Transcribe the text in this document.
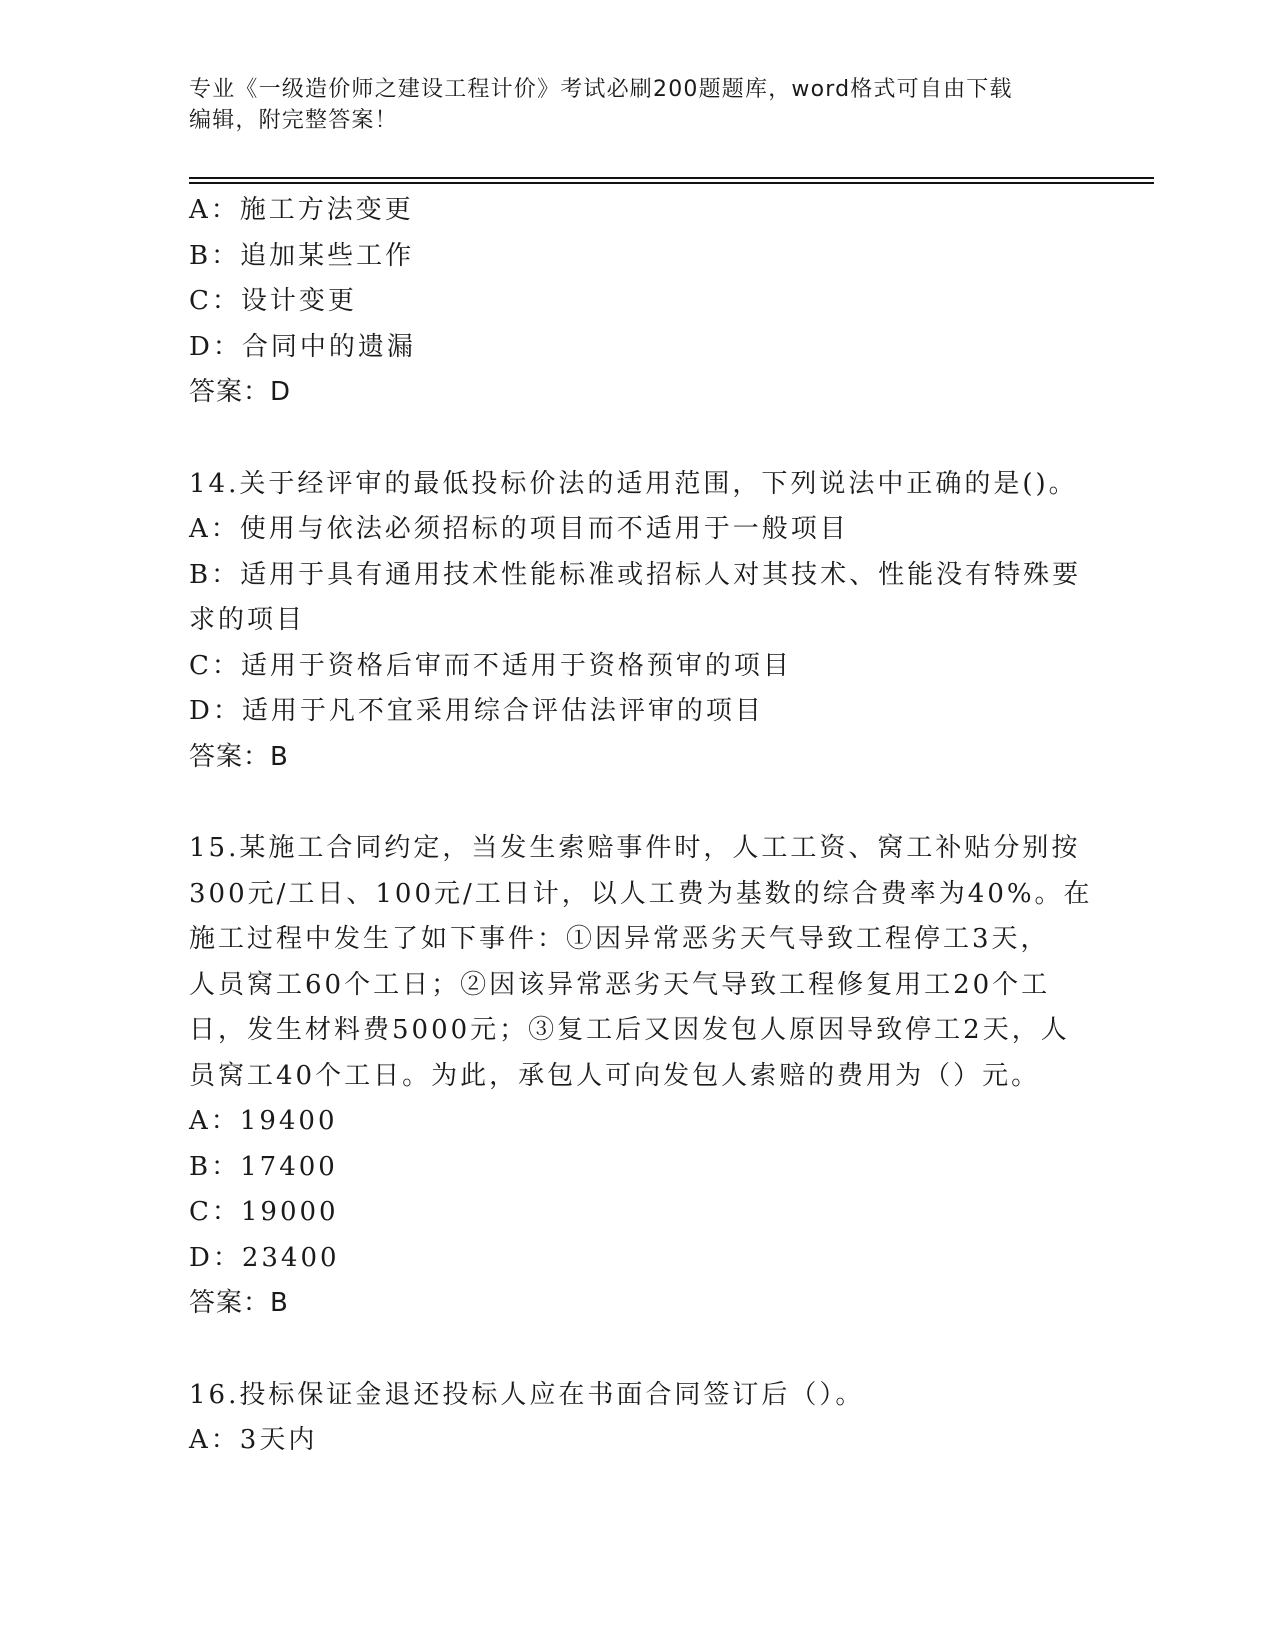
专业《一级造价师之建设工程计价》考试必刷200题题库，word格式可自由下载
编辑，附完整答案！
A：施工方法变更
B：追加某些工作
C：设计变更
D：合同中的遗漏
答案：D
14.关于经评审的最低投标价法的适用范围，下列说法中正确的是()。
A：使用与依法必须招标的项目而不适用于一般项目
B：适用于具有通用技术性能标准或招标人对其技术、性能没有特殊要
求的项目
C：适用于资格后审而不适用于资格预审的项目
D：适用于凡不宜采用综合评估法评审的项目
答案：B
15.某施工合同约定，当发生索赔事件时，人工工资、窝工补贴分别按
300元/工日、100元/工日计，以人工费为基数的综合费率为40%。在
施工过程中发生了如下事件：①因异常恶劣天气导致工程停工3天，
人员窝工60个工日；②因该异常恶劣天气导致工程修复用工20个工
日，发生材料费5000元；③复工后又因发包人原因导致停工2天，人
员窝工40个工日。为此，承包人可向发包人索赔的费用为（）元。
A：19400
B：17400
C：19000
D：23400
答案：B
16.投标保证金退还投标人应在书面合同签订后（）。
A：3天内
